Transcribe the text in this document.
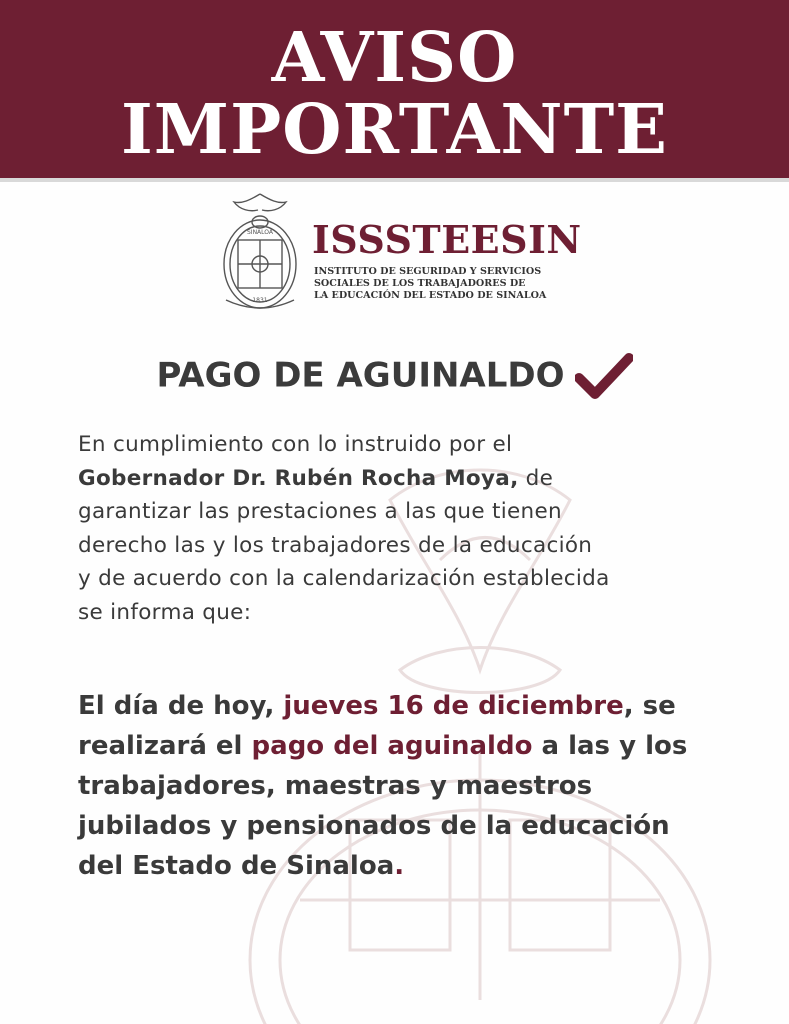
AVISO
IMPORTANTE
SINALOA
1831
ISSSTEESIN
INSTITUTO DE SEGURIDAD Y SERVICIOS
SOCIALES DE LOS TRABAJADORES DE
LA EDUCACIÓN DEL ESTADO DE SINALOA
PAGO DE AGUINALDO
En cumplimiento con lo instruido por el
Gobernador Dr. Rubén Rocha Moya, de
garantizar las prestaciones a las que tienen
derecho las y los trabajadores de la educación
y de acuerdo con la calendarización establecida
se informa que:
El día de hoy, jueves 16 de diciembre, se
realizará el pago del aguinaldo a las y los
trabajadores, maestras y maestros
jubilados y pensionados de la educación
del Estado de Sinaloa.
